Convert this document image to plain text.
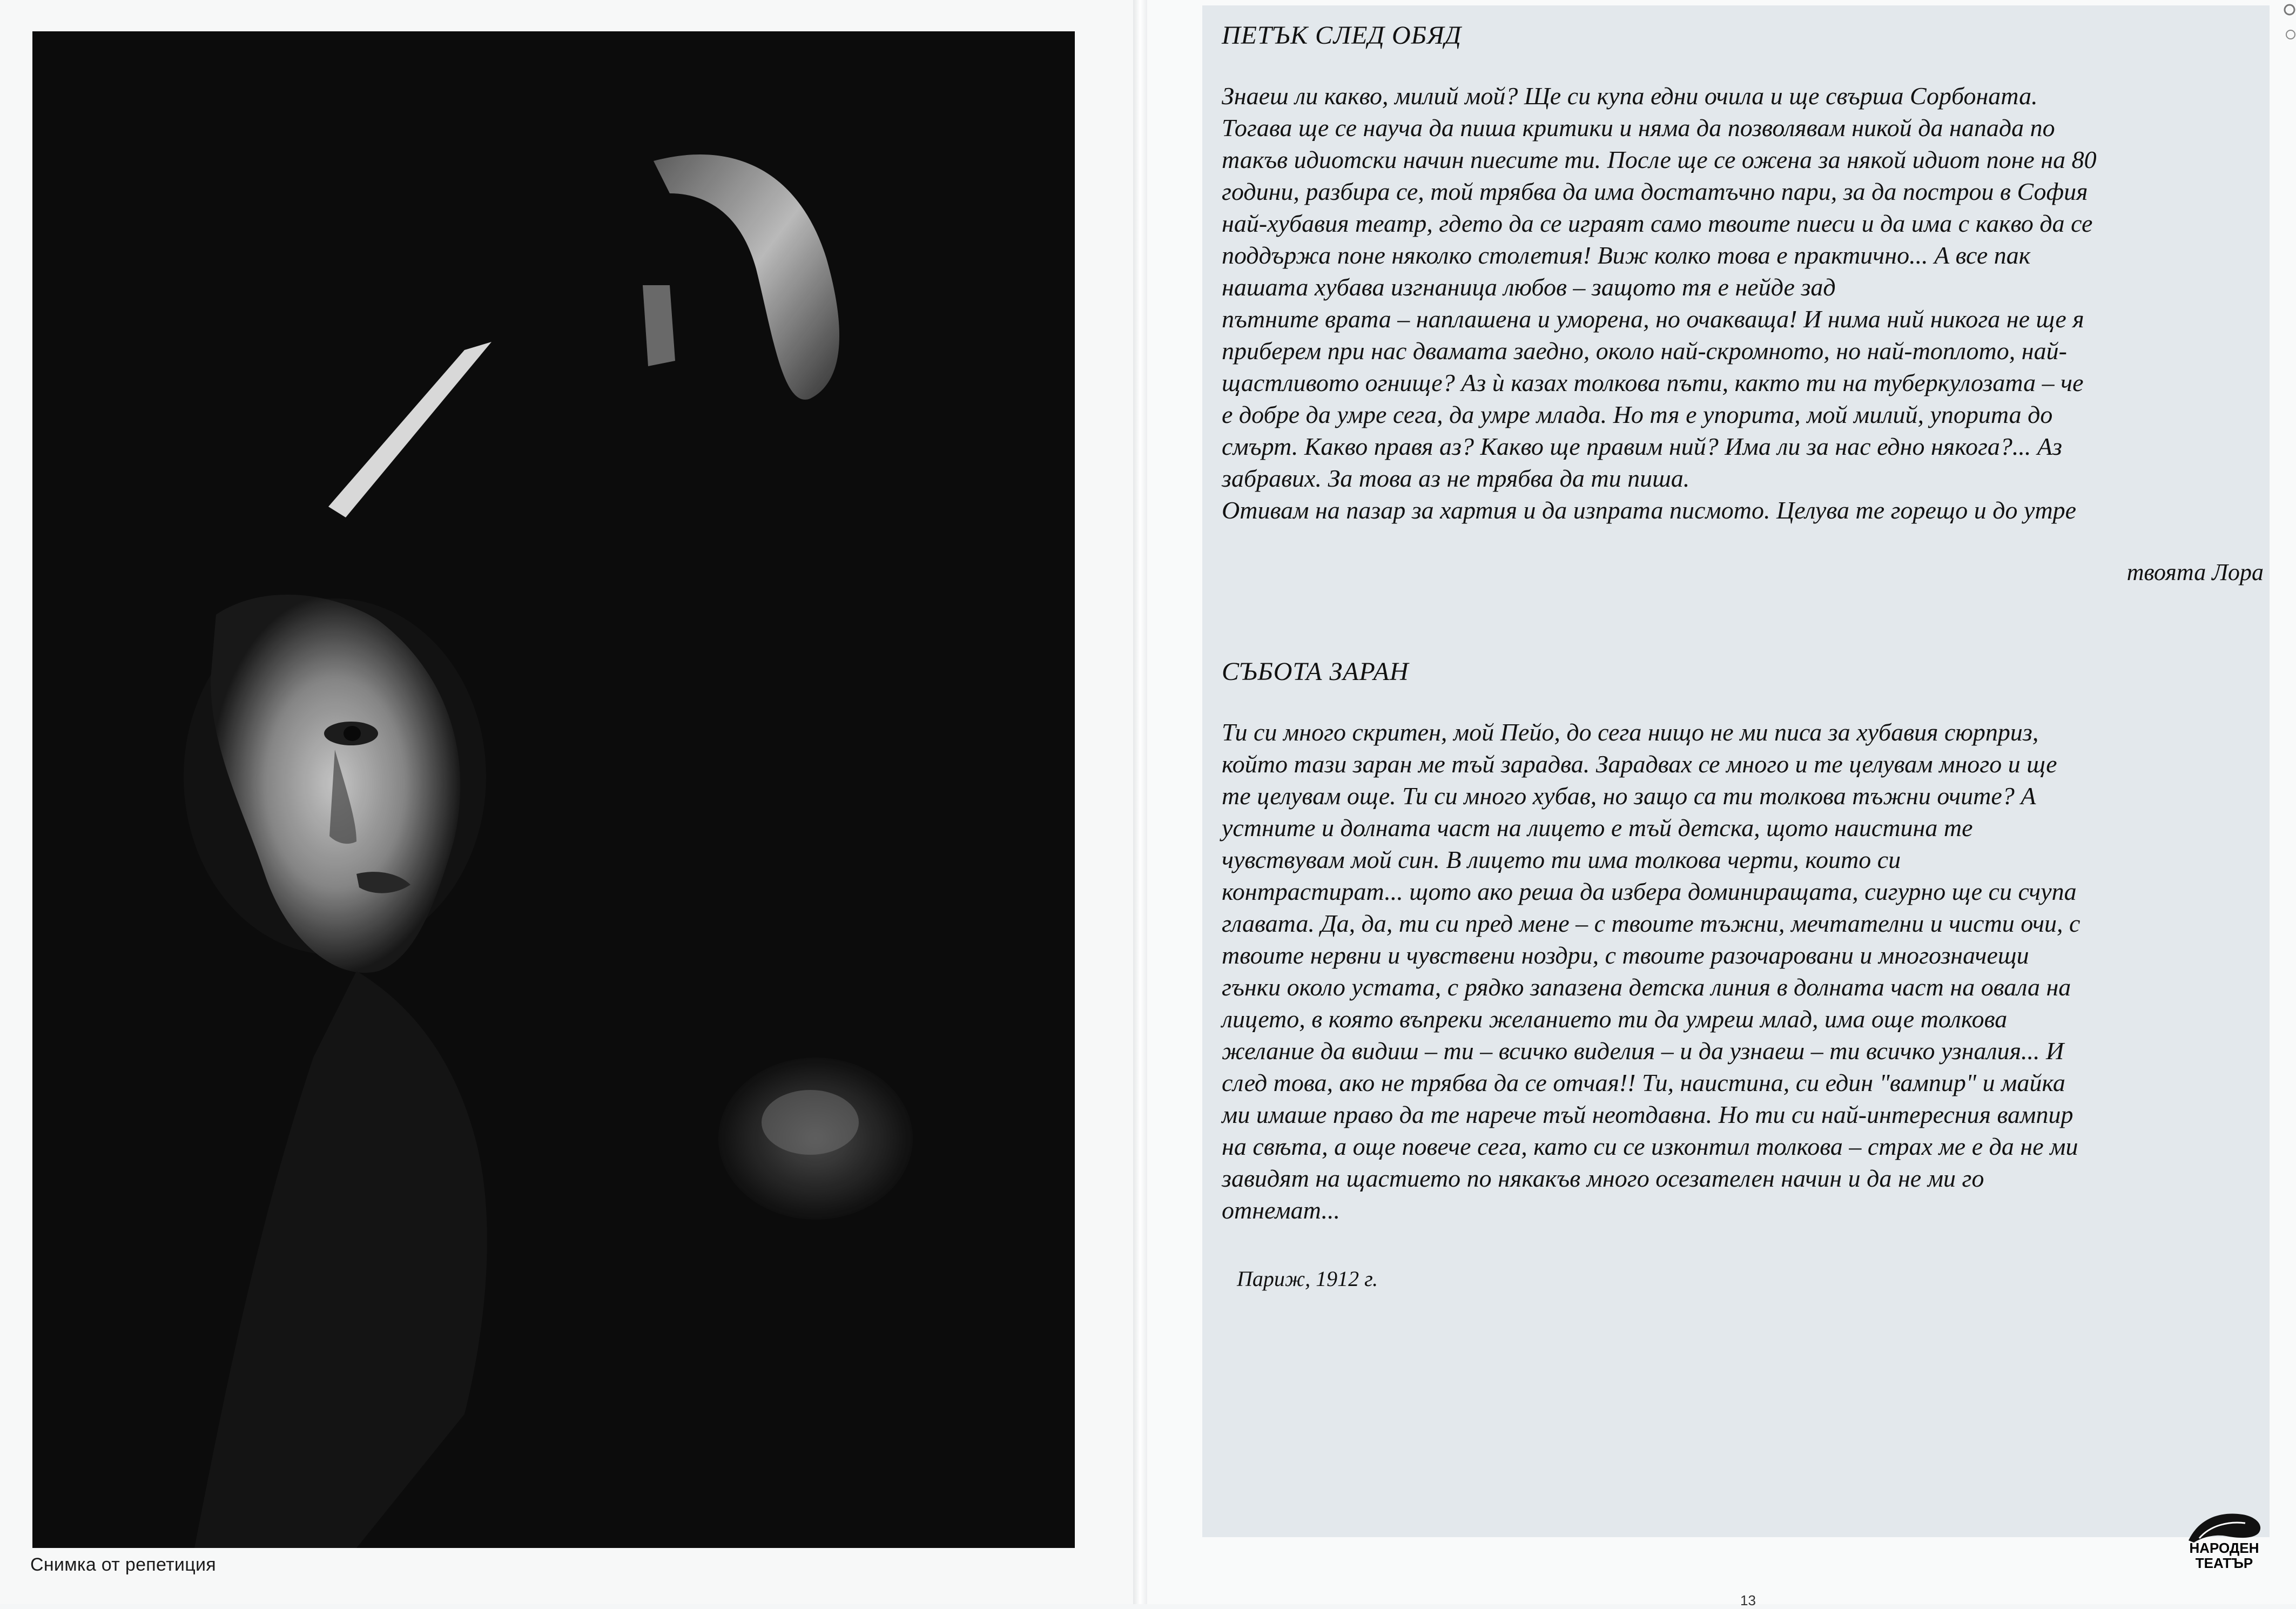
Снимка от репетиция
ПЕТЪК СЛЕД ОБЯД
Знаеш ли какво, милий мой? Ще си купа едни очила и ще свърша Сорбоната.
Тогава ще се науча да пиша критики и няма да позволявам никой да напада по
такъв идиотски начин пиесите ти. После ще се ожена за някой идиот поне на 80
години, разбира се, той трябва да има достатъчно пари, за да построи в София
най-хубавия театр, гдето да се играят само твоите пиеси и да има с какво да се
поддържа поне няколко столетия! Виж колко това е практично... А все пак
нашата хубава изгнаница любов – защото тя е нейде зад
пътните врата – наплашена и уморена, но очакваща! И нима ний никога не ще я
приберем при нас двамата заедно, около най-скромното, но най-топлото, най-
щастливото огнище? Аз ѝ казах толкова пъти, както ти на туберкулозата – че
е добре да умре сега, да умре млада. Но тя е упорита, мой милий, упорита до
смърт. Какво правя аз? Какво ще правим ний? Има ли за нас едно някога?... Аз
забравих. За това аз не трябва да ти пиша.
Отивам на пазар за хартия и да изпрата писмото. Целува те горещо и до утре
твоята Лора
СЪБОТА ЗАРАН
Ти си много скритен, мой Пейо, до сега нищо не ми писа за хубавия сюрприз,
който тази заран ме тъй зарадва. Зарадвах се много и те целувам много и ще
те целувам още. Ти си много хубав, но защо са ти толкова тъжни очите? А
устните и долната част на лицето е тъй детска, щото наистина те
чувствувам мой син. В лицето ти има толкова черти, които си
контрастират... щото ако реша да избера доминиращата, сигурно ще си счупа
главата. Да, да, ти си пред мене – с твоите тъжни, мечтателни и чисти очи, с
твоите нервни и чувствени ноздри, с твоите разочаровани и многозначещи
гънки около устата, с рядко запазена детска линия в долната част на овала на
лицето, в която въпреки желанието ти да умреш млад, има още толкова
желание да видиш – ти – всичко виделия – и да узнаеш – ти всичко узналия... И
след това, ако не трябва да се отчая!! Ти, наистина, си един "вампир" и майка
ми имаше право да те нарече тъй неотдавна. Но ти си най-интересния вампир
на свѣта, а още повече сега, като си се изконтил толкова – страх ме е да не ми
завидят на щастието по някакъв много осезателен начин и да не ми го
отнемат...
Париж, 1912 г.
НАРОДЕН
ТЕАТЪР
13
